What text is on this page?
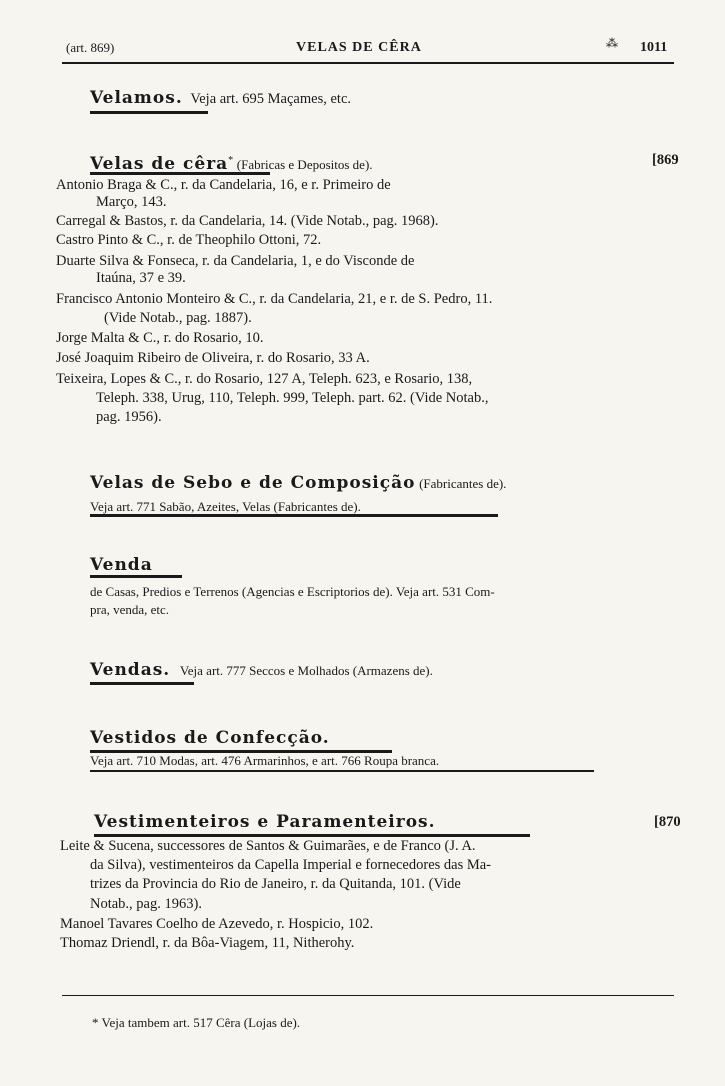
(art. 869)	VELAS DE CÊRA	⁂ 1011
Velamos. Veja art. 695 Maçames, etc.
Velas de cêra* (Fabricas e Depositos de).	[869
Antonio Braga & C., r. da Candelaria, 16, e r. Primeiro de
Março, 143.
Carregal & Bastos, r. da Candelaria, 14. (Vide Notab., pag. 1968).
Castro Pinto & C., r. de Theophilo Ottoni, 72.
Duarte Silva & Fonseca, r. da Candelaria, 1, e do Visconde de
Itaúna, 37 e 39.
Francisco Antonio Monteiro & C., r. da Candelaria, 21, e r. de S. Pedro, 11.
(Vide Notab., pag. 1887).
Jorge Malta & C., r. do Rosario, 10.
José Joaquim Ribeiro de Oliveira, r. do Rosario, 33 A.
Teixeira, Lopes & C., r. do Rosario, 127 A, Teleph. 623, e Rosario, 138,
Teleph. 338, Urug, 110, Teleph. 999, Teleph. part. 62. (Vide Notab.,
pag. 1956).
Velas de Sebo e de Composição (Fabricantes de).
Veja art. 771 Sabão, Azeites, Velas (Fabricantes de).
Venda
de Casas, Predios e Terrenos (Agencias e Escriptorios de). Veja art. 531 Com-
pra, venda, etc.
Vendas. Veja art. 777 Seccos e Molhados (Armazens de).
Vestidos de Confecção.
Veja art. 710 Modas, art. 476 Armarinhos, e art. 766 Roupa branca.
Vestimenteiros e Paramenteiros.	[870
Leite & Sucena, successores de Santos & Guimarães, e de Franco (J. A.
da Silva), vestimenteiros da Capella Imperial e fornecedores das Ma-
trizes da Provincia do Rio de Janeiro, r. da Quitanda, 101. (Vide
Notab., pag. 1963).
Manoel Tavares Coelho de Azevedo, r. Hospicio, 102.
Thomaz Driendl, r. da Bôa-Viagem, 11, Nitherohy.
* Veja tambem art. 517 Cêra (Lojas de).
